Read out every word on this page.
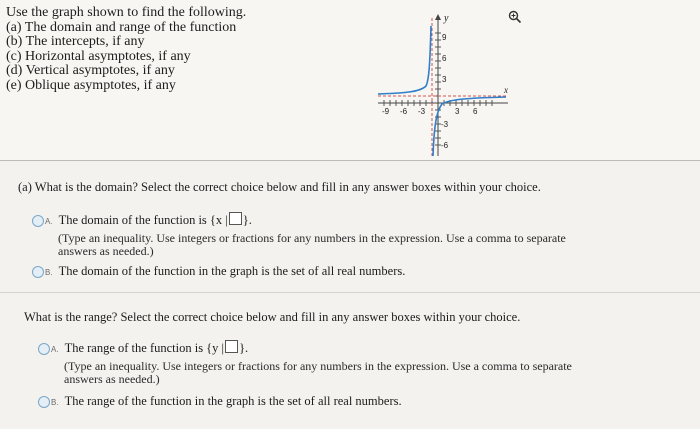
Use the graph shown to find the following.
(a) The domain and range of the function
(b) The intercepts, if any
(c) Horizontal asymptotes, if any
(d) Vertical asymptotes, if any
(e) Oblique asymptotes, if any
y
x
9
6
3
-3
-6
-9 -6 -3	3 6
(a) What is the domain? Select the correct choice below and fill in any answer boxes within your choice.
A. The domain of the function is {x | }.
(Type an inequality. Use integers or fractions for any numbers in the expression. Use a comma to separate
answers as needed.)
B. The domain of the function in the graph is the set of all real numbers.
What is the range? Select the correct choice below and fill in any answer boxes within your choice.
A. The range of the function is {y | }.
(Type an inequality. Use integers or fractions for any numbers in the expression. Use a comma to separate
answers as needed.)
B. The range of the function in the graph is the set of all real numbers.
